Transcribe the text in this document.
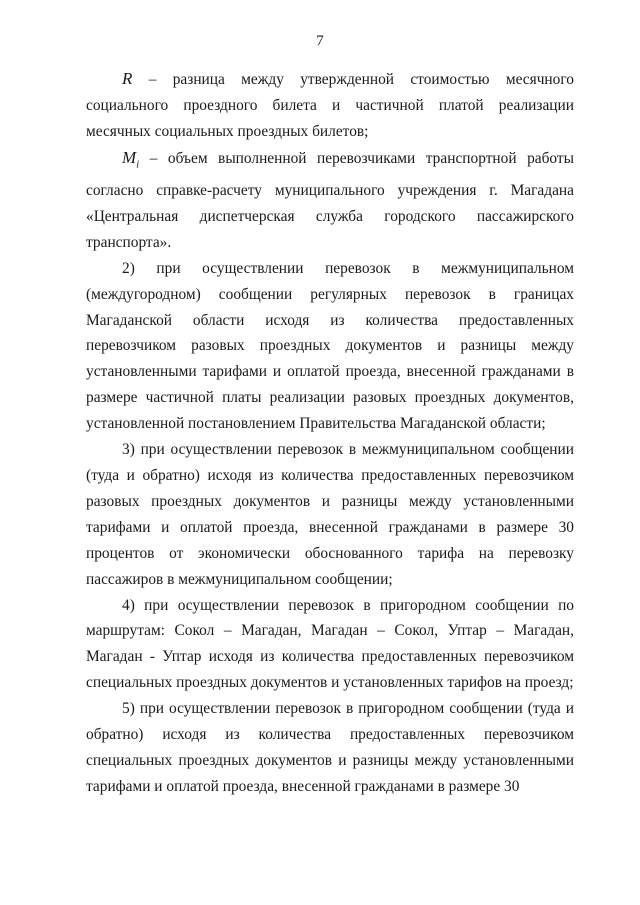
7

R – разница между утвержденной стоимостью месячного социального проездного билета и частичной платой реализации месячных социальных проездных билетов;

$M_i$ – объем выполненной перевозчиками транспортной работы согласно справке-расчету муниципального учреждения г. Магадана «Центральная диспетчерская служба городского пассажирского транспорта».

2) при осуществлении перевозок в межмуниципальном (междугородном) сообщении регулярных перевозок в границах Магаданской области исходя из количества предоставленных перевозчиком разовых проездных документов и разницы между установленными тарифами и оплатой проезда, внесенной гражданами в размере частичной платы реализации разовых проездных документов, установленной постановлением Правительства Магаданской области;

3) при осуществлении перевозок в межмуниципальном сообщении (туда и обратно) исходя из количества предоставленных перевозчиком разовых проездных документов и разницы между установленными тарифами и оплатой проезда, внесенной гражданами в размере 30 процентов от экономически обоснованного тарифа на перевозку пассажиров в межмуниципальном сообщении;

4) при осуществлении перевозок в пригородном сообщении по маршрутам: Сокол – Магадан, Магадан – Сокол, Уптар – Магадан, Магадан - Уптар исходя из количества предоставленных перевозчиком специальных проездных документов и установленных тарифов на проезд;

5) при осуществлении перевозок в пригородном сообщении (туда и обратно) исходя из количества предоставленных перевозчиком специальных проездных документов и разницы между установленными тарифами и оплатой проезда, внесенной гражданами в размере 30
